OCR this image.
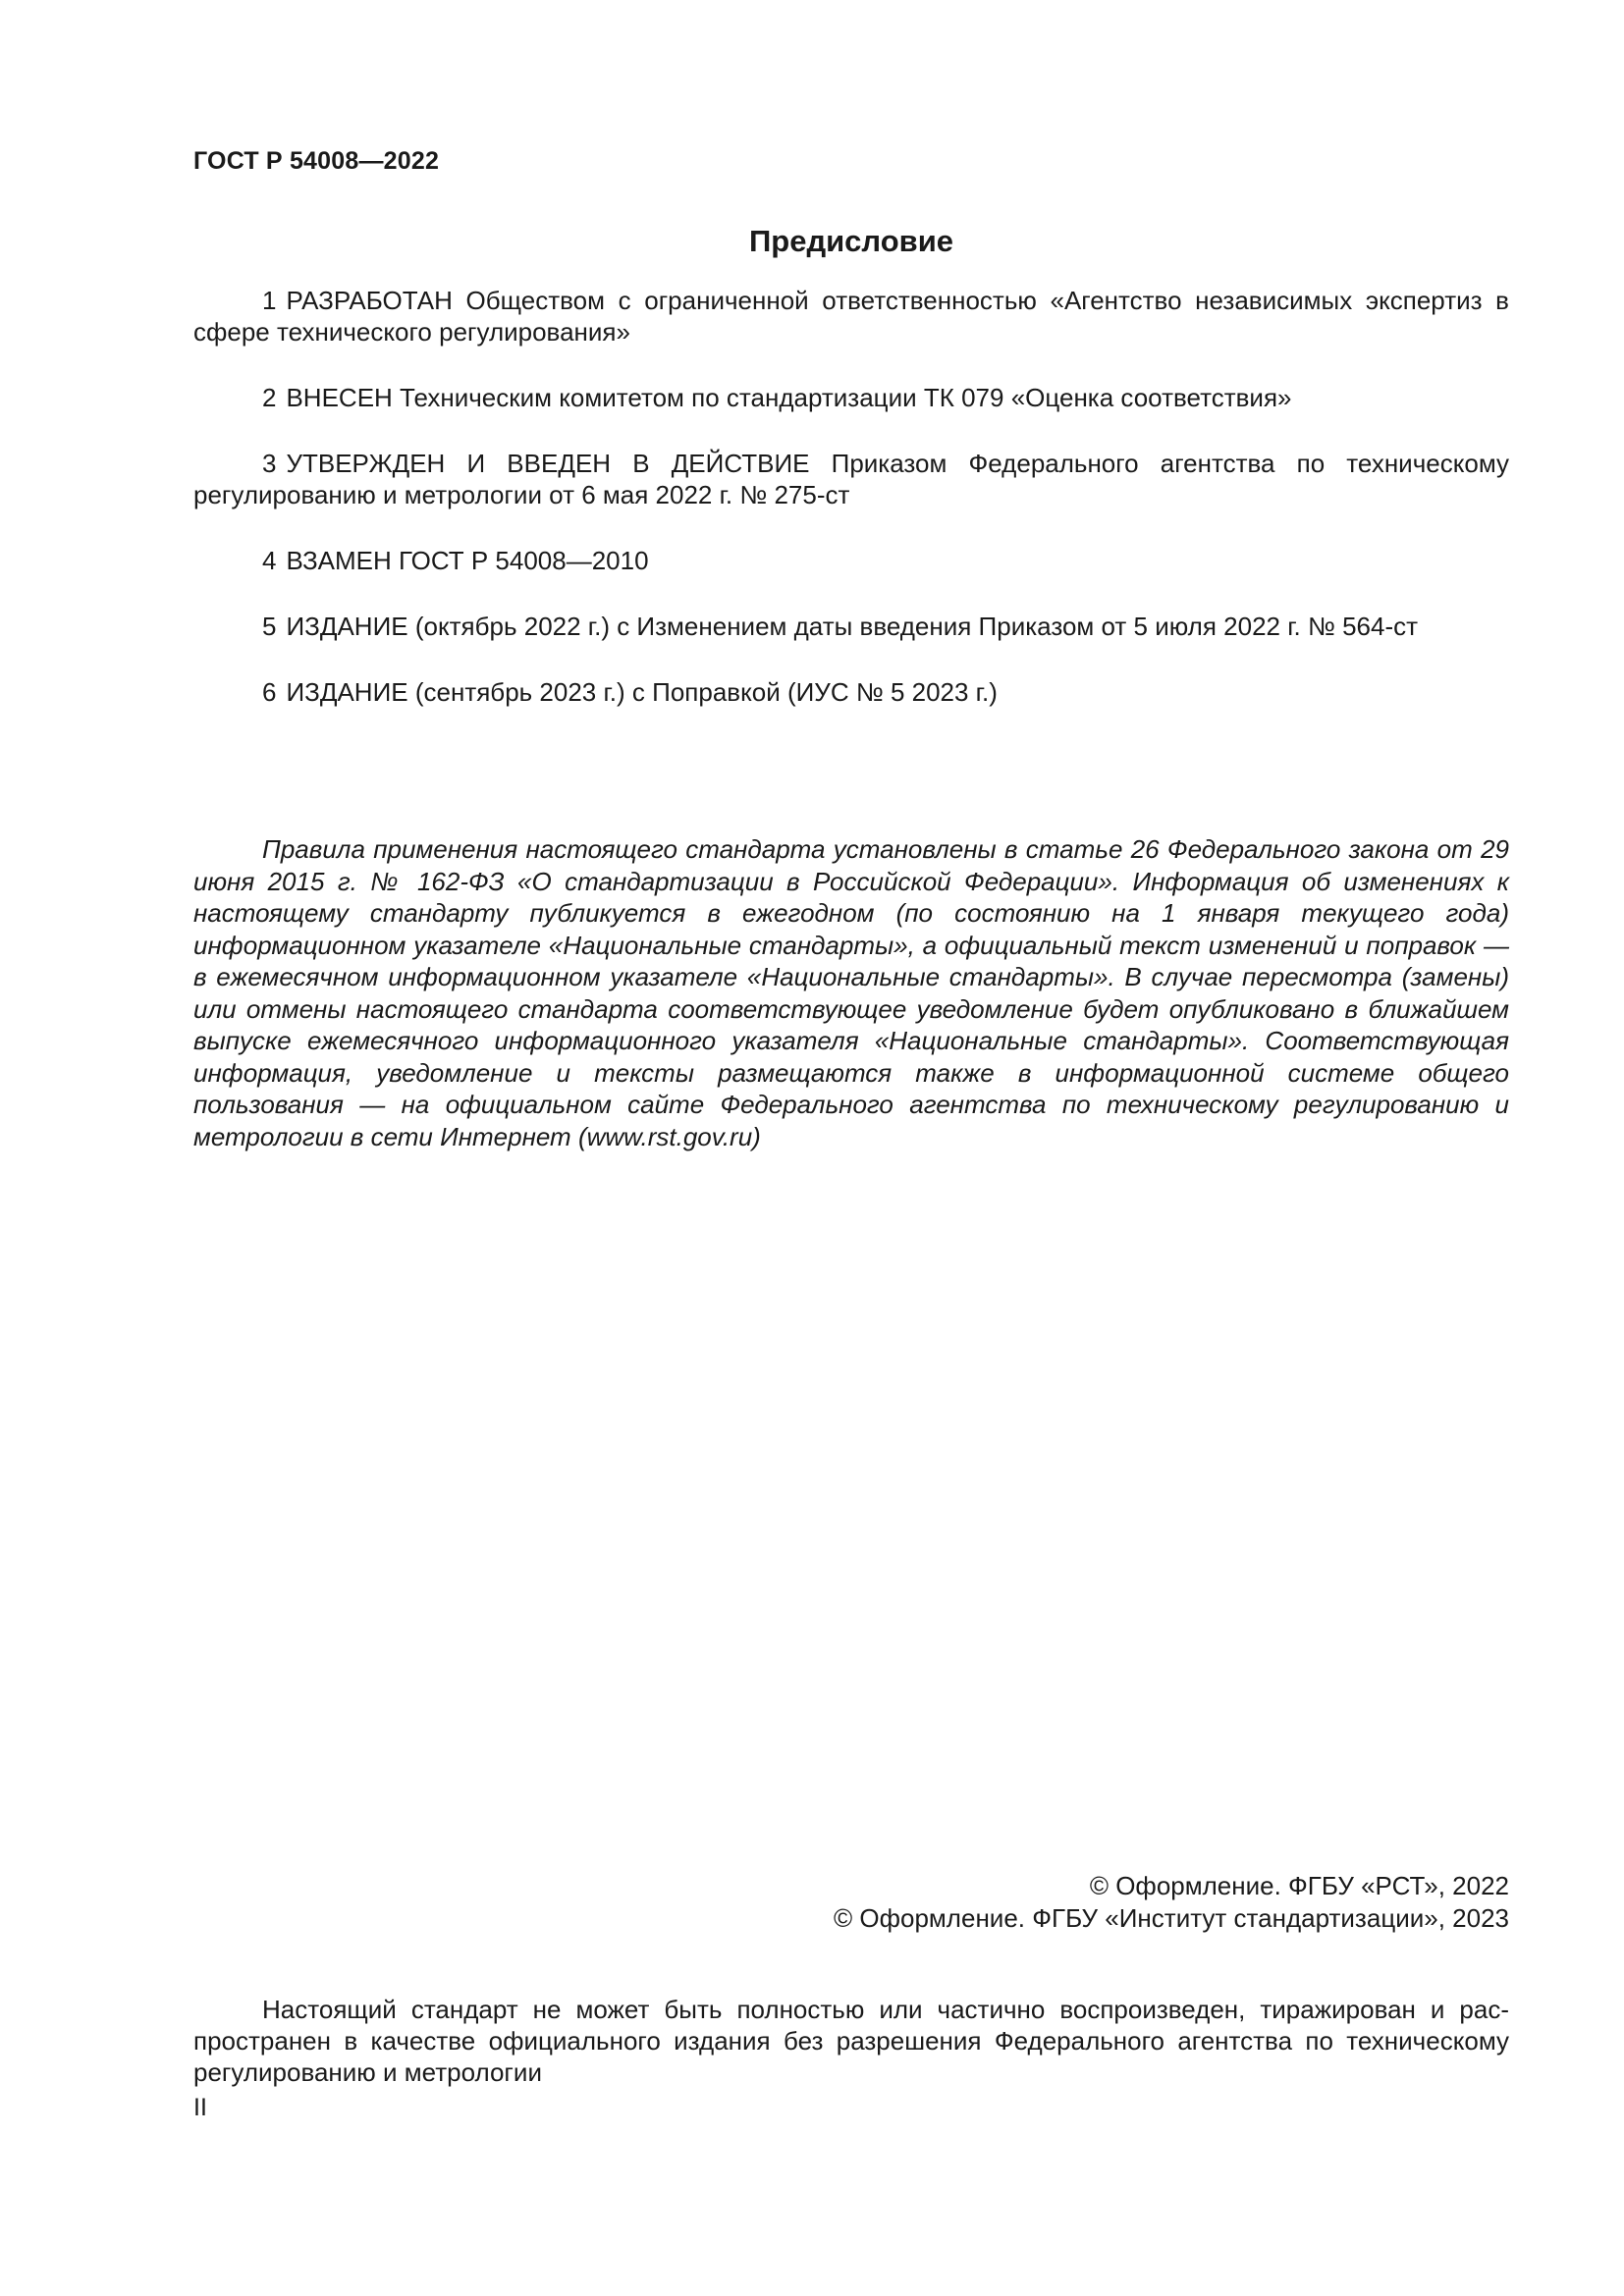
ГОСТ Р 54008—2022
Предисловие

1 РАЗРАБОТАН Обществом с ограниченной ответственностью «Агентство независимых экспертиз в сфере технического регулирования»

2 ВНЕСЕН Техническим комитетом по стандартизации ТК 079 «Оценка соответствия»

3 УТВЕРЖДЕН И ВВЕДЕН В ДЕЙСТВИЕ Приказом Федерального агентства по техническому регулированию и метрологии от 6 мая 2022 г. № 275-ст

4 ВЗАМЕН ГОСТ Р 54008—2010

5 ИЗДАНИЕ (октябрь 2022 г.) с Изменением даты введения Приказом от 5 июля 2022 г. № 564-ст

6 ИЗДАНИЕ (сентябрь 2023 г.) с Поправкой (ИУС № 5 2023 г.)

Правила применения настоящего стандарта установлены в статье 26 Федерального закона от 29 июня 2015 г. № 162-ФЗ «О стандартизации в Российской Федерации». Информация об изменениях к настоящему стандарту публикуется в ежегодном (по состоянию на 1 января текущего года) информационном указателе «Национальные стандарты», а официальный текст изменений и поправок — в ежемесячном информационном указателе «Национальные стандарты». В случае пересмотра (замены) или отмены настоящего стандарта соответствующее уведомление будет опубликовано в ближайшем выпуске ежемесячного информационного указателя «Национальные стандарты». Соответствующая информация, уведомление и тексты размещаются также в информационной системе общего пользования — на официальном сайте Федерального агентства по техническому регулированию и метрологии в сети Интернет (www.rst.gov.ru)

© Оформление. ФГБУ «РСТ», 2022
© Оформление. ФГБУ «Институт стандартизации», 2023

Настоящий стандарт не может быть полностью или частично воспроизведен, тиражирован и распространен в качестве официального издания без разрешения Федерального агентства по техническому регулированию и метрологии

II
